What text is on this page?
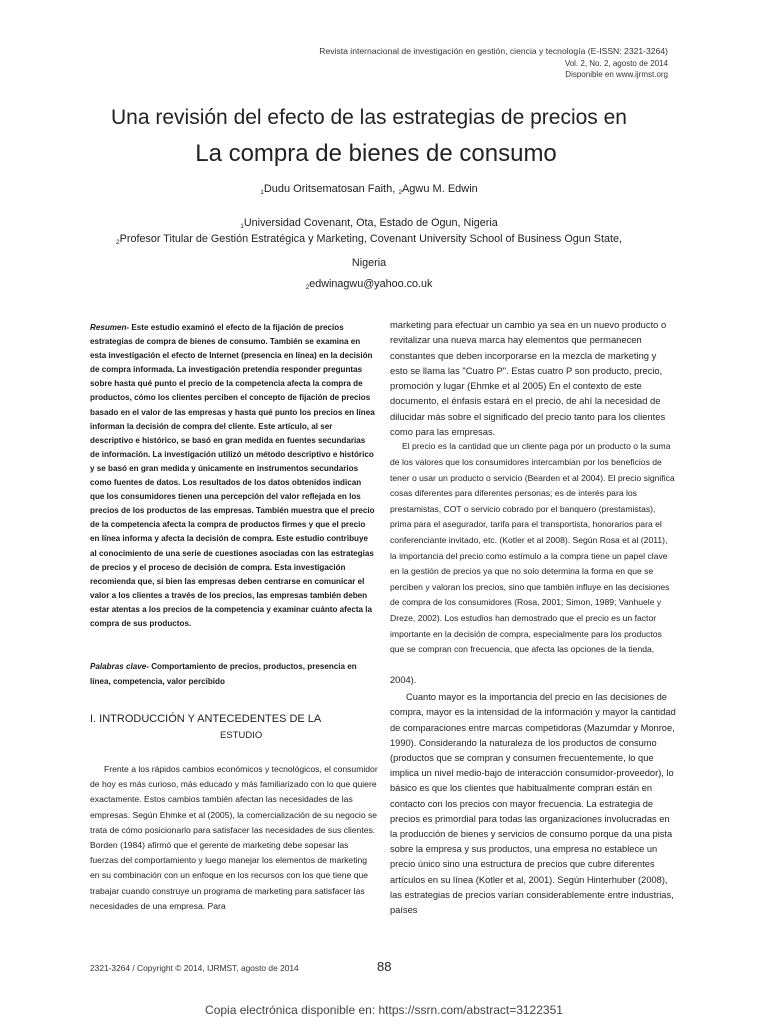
Revista internacional de investigación en gestión, ciencia y tecnología (E-ISSN: 2321-3264)

Vol. 2, No. 2, agosto de 2014

Disponible en www.ijrmst.org

Una revisión del efecto de las estrategias de precios en
La compra de bienes de consumo

$^1$Dudu Oritsematosan Faith, $^2$Agwu M. Edwin

$^1$Universidad Covenant, Ota, Estado de Ogun, Nigeria

$^2$Profesor Titular de Gestión Estratégica y Marketing, Covenant University School of Business Ogun State,

Nigeria

$^2$edwinagwu@yahoo.co.uk

Resumen- Este estudio examinó el efecto de la fijación de precios estrategias de compra de bienes de consumo. También se examina en esta investigación el efecto de Internet (presencia en línea) en la decisión de compra informada. La investigación pretendía responder preguntas sobre hasta qué punto el precio de la competencia afecta la compra de productos, cómo los clientes perciben el concepto de fijación de precios basado en el valor de las empresas y hasta qué punto los precios en línea informan la decisión de compra del cliente. Este artículo, al ser descriptivo e histórico, se basó en gran medida en fuentes secundarias de información. La investigación utilizó un método descriptivo e histórico y se basó en gran medida y únicamente en instrumentos secundarios como fuentes de datos. Los resultados de los datos obtenidos indican que los consumidores tienen una percepción del valor reflejada en los precios de los productos de las empresas. También muestra que el precio de la competencia afecta la compra de productos firmes y que el precio en línea informa y afecta la decisión de compra. Este estudio contribuye al conocimiento de una serie de cuestiones asociadas con las estrategias de precios y el proceso de decisión de compra. Esta investigación recomienda que, si bien las empresas deben centrarse en comunicar el valor a los clientes a través de los precios, las empresas también deben estar atentas a los precios de la competencia y examinar cuánto afecta la compra de sus productos.

Palabras clave- Comportamiento de precios, productos, presencia en línea, competencia, valor percibido

I. INTRODUCCIÓN Y ANTECEDENTES DE LA

ESTUDIO

Frente a los rápidos cambios económicos y tecnológicos, el consumidor de hoy es más curioso, más educado y más familiarizado con lo que quiere exactamente. Estos cambios también afectan las necesidades de las empresas. Según Ehmke et al (2005), la comercialización de su negocio se trata de cómo posicionarlo para satisfacer las necesidades de sus clientes. Borden (1984) afirmó que el gerente de marketing debe sopesar las fuerzas del comportamiento y luego manejar los elementos de marketing en su combinación con un enfoque en los recursos con los que tiene que trabajar cuando construye un programa de marketing para satisfacer las necesidades de una empresa. Para

marketing para efectuar un cambio ya sea en un nuevo producto o revitalizar una nueva marca hay elementos que permanecen constantes que deben incorporarse en la mezcla de marketing y esto se llama las "Cuatro P". Estas cuatro P son producto, precio, promoción y lugar (Ehmke et al 2005) En el contexto de este documento, el énfasis estará en el precio, de ahí la necesidad de dilucidar más sobre el significado del precio tanto para los clientes como para las empresas.

El precio es la cantidad que un cliente paga por un producto o la suma de los valores que los consumidores intercambian por los beneficios de tener o usar un producto o servicio (Bearden et al 2004). El precio significa cosas diferentes para diferentes personas; es de interés para los prestamistas, COT o servicio cobrado por el banquero (prestamistas), prima para el asegurador, tarifa para el transportista, honorarios para el conferenciante invitado, etc. (Kotler et al 2008). Según Rosa et al (2011), la importancia del precio como estímulo a la compra tiene un papel clave en la gestión de precios ya que no solo determina la forma en que se perciben y valoran los precios, sino que también influye en las decisiones de compra de los consumidores (Rosa, 2001; Simon, 1989; Vanhuele y Dreze, 2002). Los estudios han demostrado que el precio es un factor importante en la decisión de compra, especialmente para los productos que se compran con frecuencia, que afecta las opciones de la tienda,

2004).

Cuanto mayor es la importancia del precio en las decisiones de compra, mayor es la intensidad de la información y mayor la cantidad de comparaciones entre marcas competidoras (Mazumdar y Monroe, 1990). Considerando la naturaleza de los productos de consumo (productos que se compran y consumen frecuentemente, lo que implica un nivel medio-bajo de interacción consumidor-proveedor), lo básico es que los clientes que habitualmente compran están en contacto con los precios con mayor frecuencia. La estrategia de precios es primordial para todas las organizaciones involucradas en la producción de bienes y servicios de consumo porque da una pista sobre la empresa y sus productos, una empresa no establece un precio único sino una estructura de precios que cubre diferentes artículos en su línea (Kotler et al, 2001). Según Hinterhuber (2008), las estrategias de precios varían considerablemente entre industrias, países

2321-3264 / Copyright © 2014, IJRMST, agosto de 2014	88

Copia electrónica disponible en: https://ssrn.com/abstract=3122351
